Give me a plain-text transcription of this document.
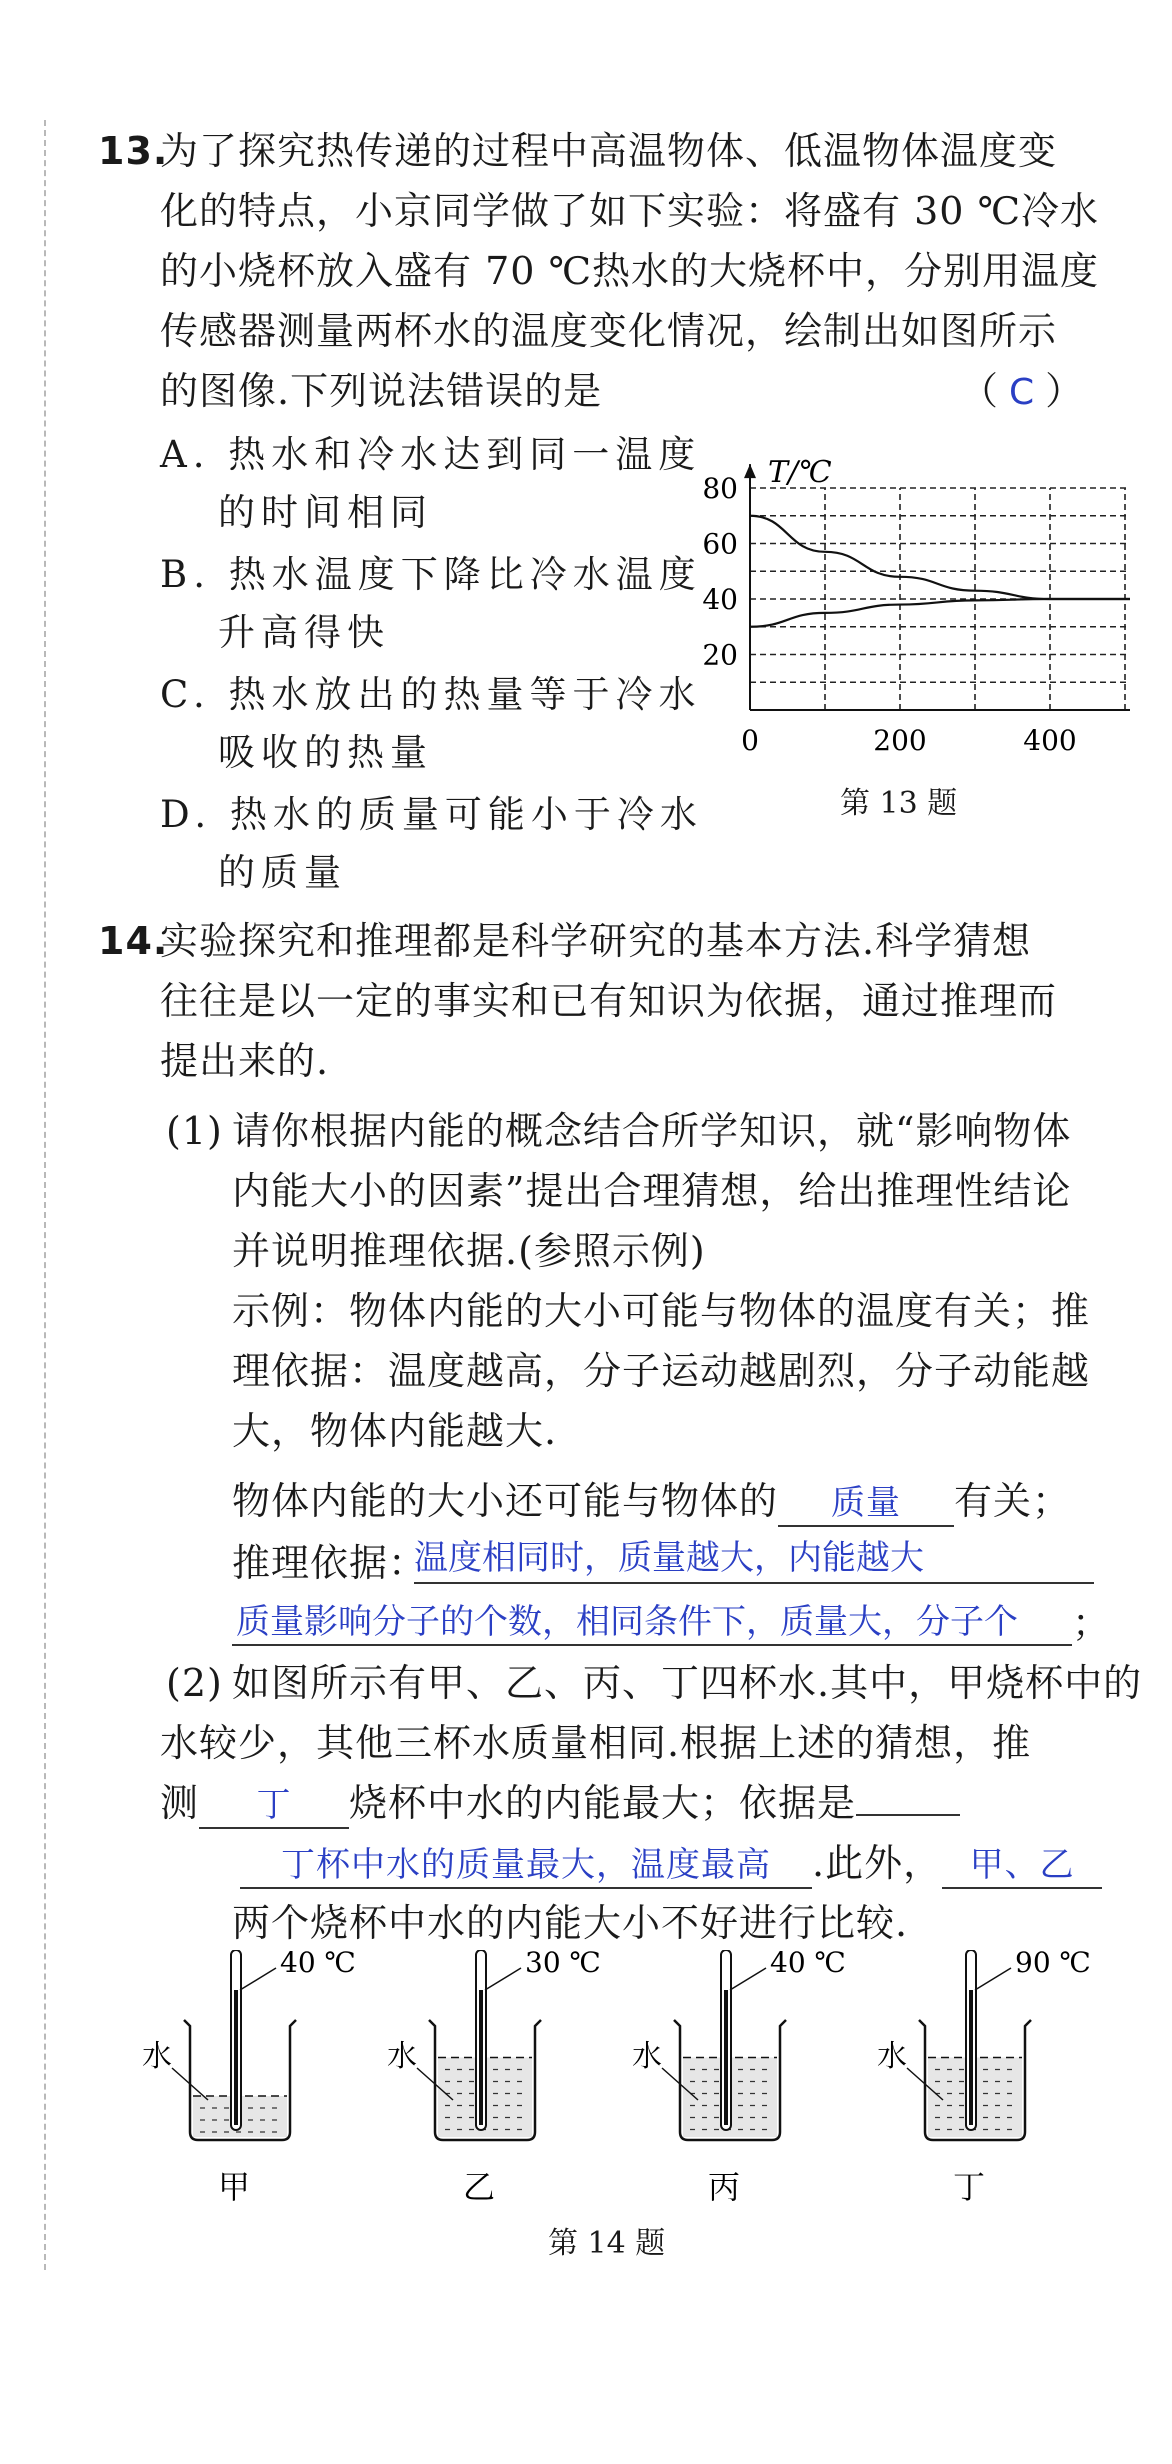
13.
为了探究热传递的过程中高温物体、低温物体温度变
化的特点，小京同学做了如下实验：将盛有 30 ℃冷水
的小烧杯放入盛有 70 ℃热水的大烧杯中，分别用温度
传感器测量两杯水的温度变化情况，绘制出如图所示
的图像.下列说法错误的是	（ C ）
A. 热水和冷水达到同一温度
的时间相同
B. 热水温度下降比冷水温度
升高得快
C. 热水放出的热量等于冷水
吸收的热量
D. 热水的质量可能小于冷水
的质量
T/℃
0	200	400
20
40
60
80
第 13 题
14.
实验探究和推理都是科学研究的基本方法.科学猜想
往往是以一定的事实和已有知识为依据，通过推理而
提出来的.
(1) 请你根据内能的概念结合所学知识，就“影响物体
内能大小的因素”提出合理猜想，给出推理性结论
并说明推理依据.(参照示例)
示例：物体内能的大小可能与物体的温度有关；推
理依据：温度越高，分子运动越剧烈，分子动能越
大，物体内能越大.
物体内能的大小还可能与物体的 质量 有关；
推理依据：
温度相同时，质量越大，内能越大
质量影响分子的个数，相同条件下，质量大，分子个 ；
(2) 如图所示有甲、乙、丙、丁四杯水.其中，甲烧杯中的
水较少，其他三杯水质量相同.根据上述的猜想，推
测 丁 烧杯中水的内能最大；依据是
丁杯中水的质量最大，温度最高 .此外， 甲、乙
两个烧杯中水的内能大小不好进行比较.
40 ℃
水
甲
30 ℃
水
乙
40 ℃
水
丙
90 ℃
水
丁
第 14 题
